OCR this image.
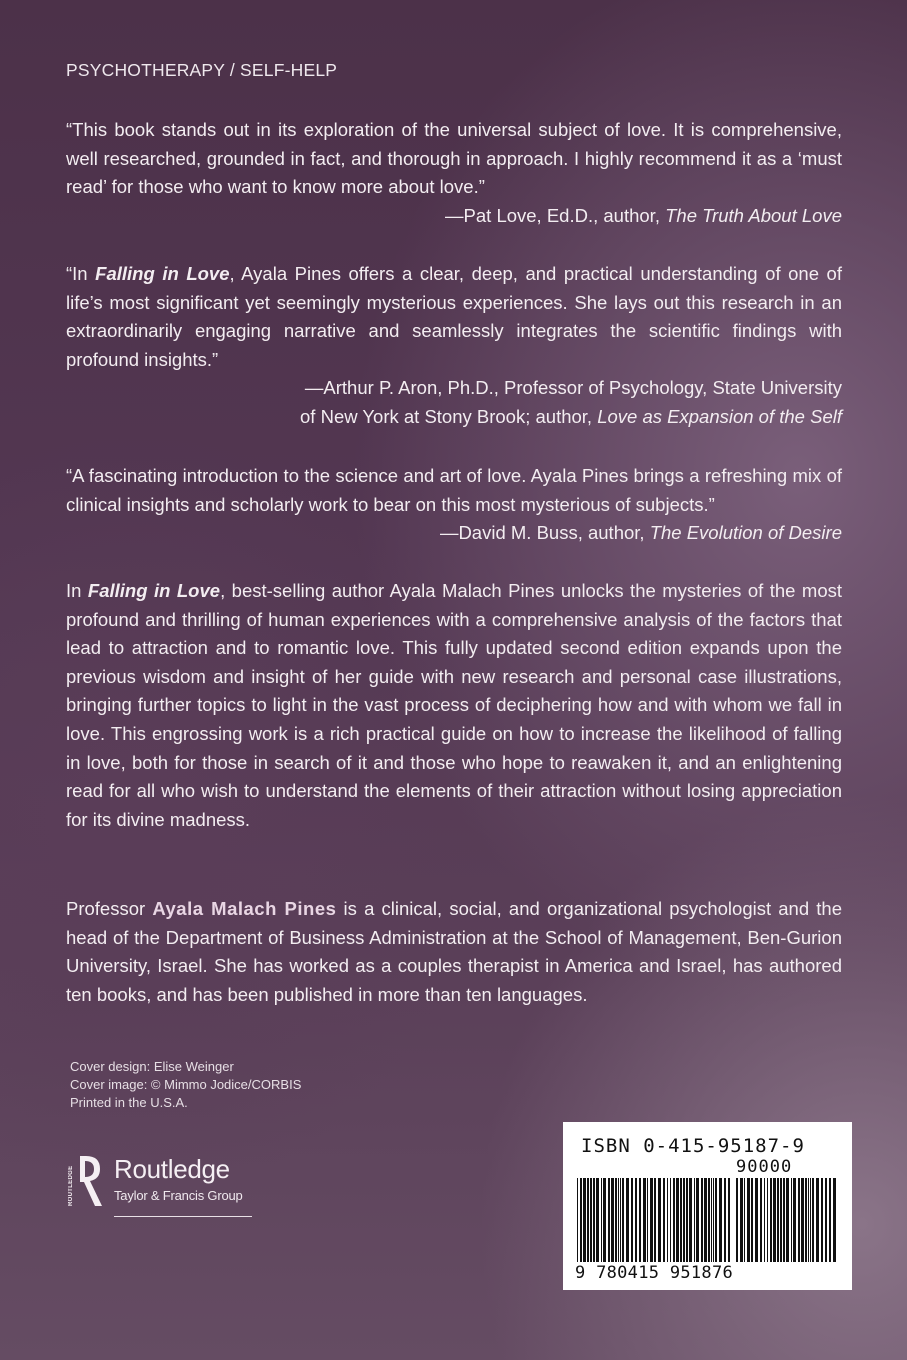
PSYCHOTHERAPY / SELF-HELP

“This book stands out in its exploration of the universal subject of love. It is comprehensive, well researched, grounded in fact, and thorough in approach. I highly recommend it as a ‘must read’ for those who want to know more about love.”

—Pat Love, Ed.D., author, The Truth About Love

“In Falling in Love, Ayala Pines offers a clear, deep, and practical understanding of one of life’s most significant yet seemingly mysterious experiences. She lays out this research in an extraordinarily engaging narrative and seamlessly integrates the scientific findings with profound insights.”

—Arthur P. Aron, Ph.D., Professor of Psychology, State University
of New York at Stony Brook; author, Love as Expansion of the Self

“A fascinating introduction to the science and art of love. Ayala Pines brings a refreshing mix of clinical insights and scholarly work to bear on this most mysterious of subjects.”

—David M. Buss, author, The Evolution of Desire

In Falling in Love, best-selling author Ayala Malach Pines unlocks the mysteries of the most profound and thrilling of human experiences with a comprehensive analysis of the factors that lead to attraction and to romantic love. This fully updated second edition expands upon the previous wisdom and insight of her guide with new research and personal case illustrations, bringing further topics to light in the vast process of deciphering how and with whom we fall in love. This engrossing work is a rich practical guide on how to increase the likelihood of falling in love, both for those in search of it and those who hope to reawaken it, and an enlightening read for all who wish to understand the elements of their attraction without losing appreciation for its divine madness.

Professor Ayala Malach Pines is a clinical, social, and organizational psychologist and the head of the Department of Business Administration at the School of Management, Ben-Gurion University, Israel. She has worked as a couples therapist in America and Israel, has authored ten books, and has been published in more than ten languages.

Cover design: Elise Weinger
Cover image: © Mimmo Jodice/CORBIS
Printed in the U.S.A.
ROUTLEDGE Routledge
Taylor & Francis Group
ISBN 0-415-95187-9
90000
9 780415 951876
